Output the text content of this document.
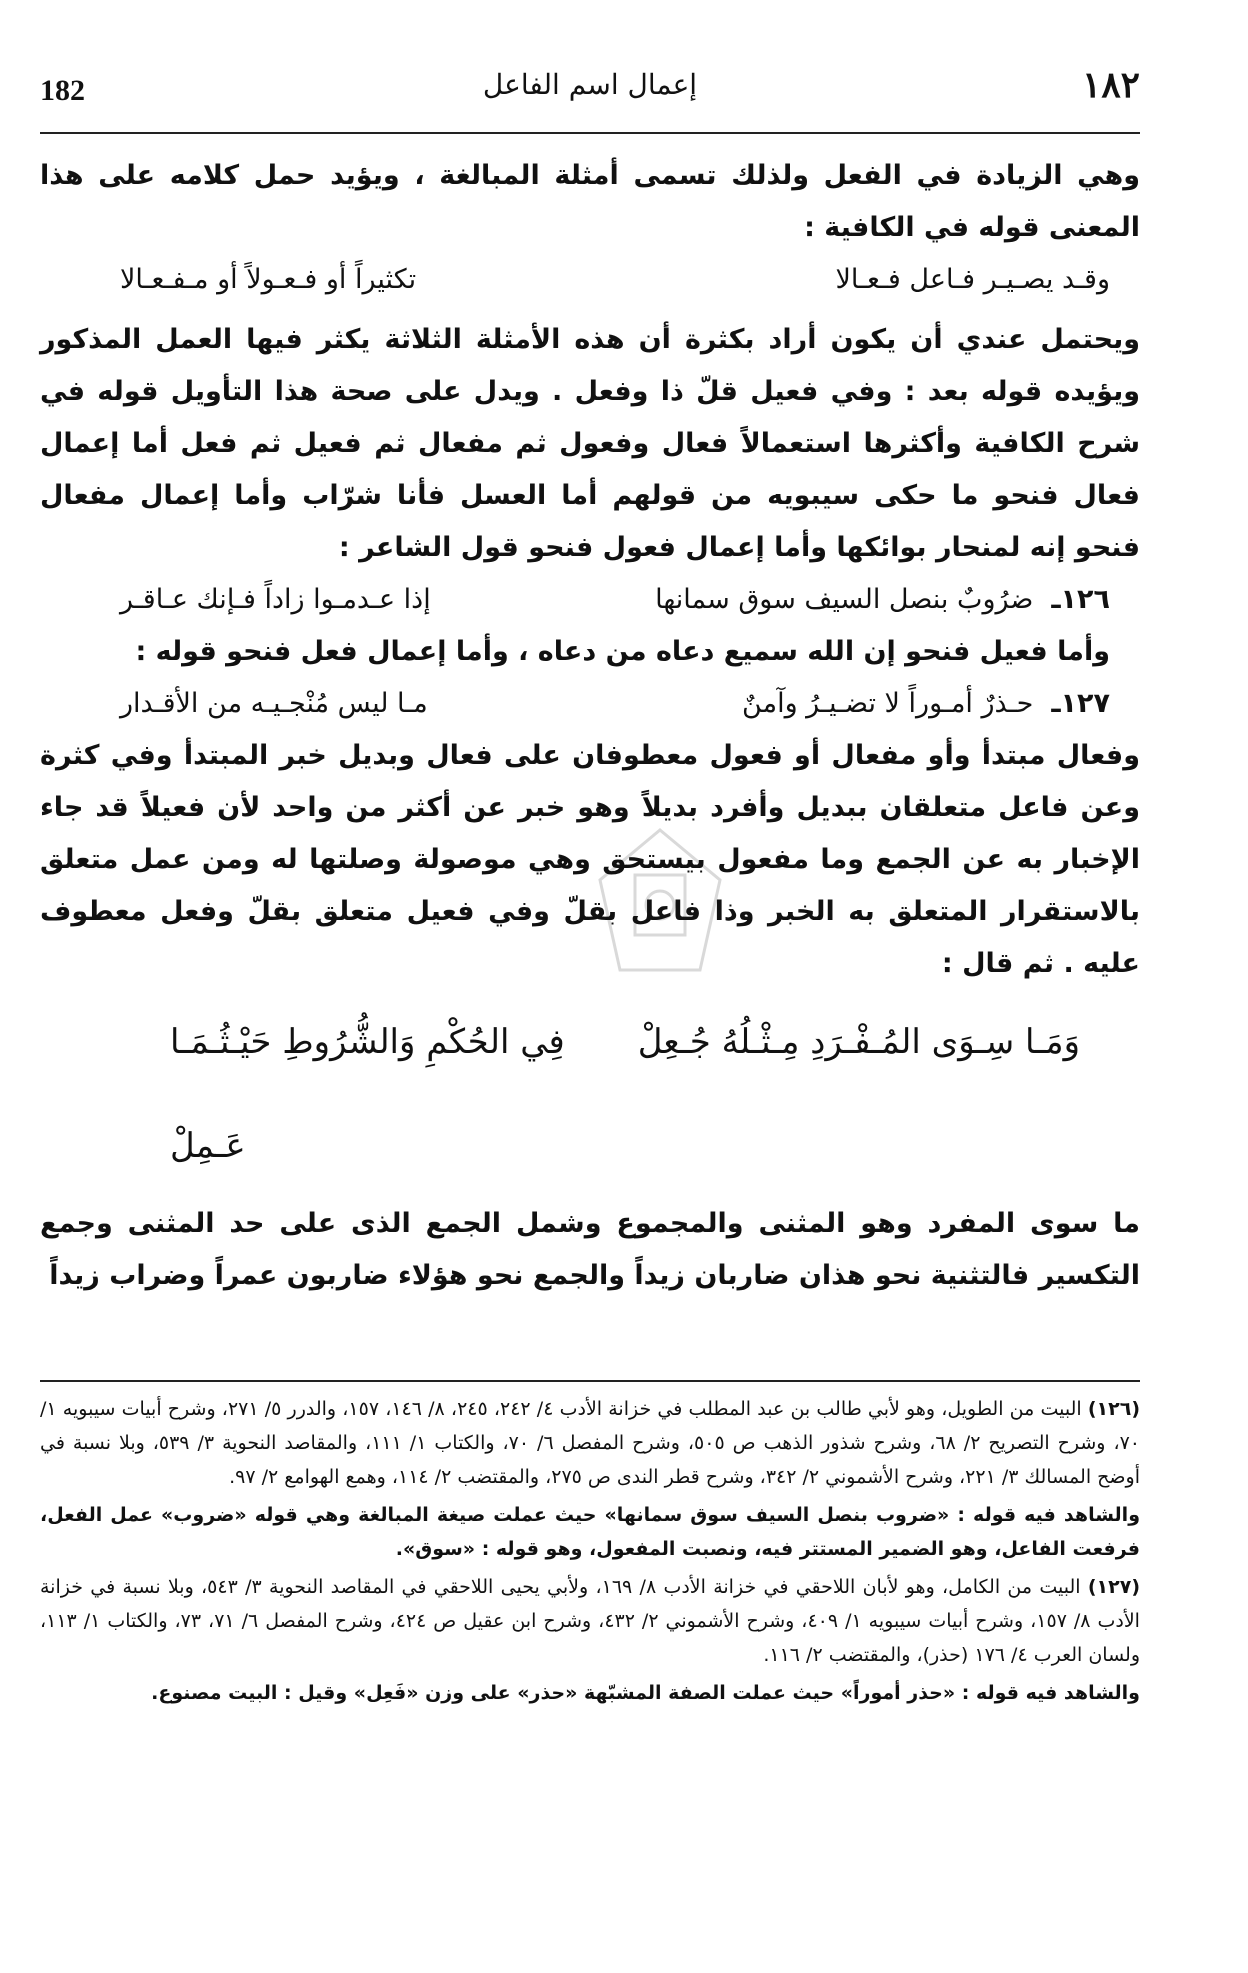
182	إعمال اسم الفاعل	١٨٢

وهي الزيادة في الفعل ولذلك تسمى أمثلة المبالغة ، ويؤيد حمل كلامه على هذا المعنى قوله في الكافية :

وقـد يصـيـر فـاعل فـعـالا
تكثيراً أو فـعـولاً أو مـفـعـالا

ويحتمل عندي أن يكون أراد بكثرة أن هذه الأمثلة الثلاثة يكثر فيها العمل المذكور ويؤيده قوله بعد : وفي فعيل قلّ ذا وفعل . ويدل على صحة هذا التأويل قوله في شرح الكافية وأكثرها استعمالاً فعال وفعول ثم مفعال ثم فعيل ثم فعل أما إعمال فعال فنحو ما حكى سيبويه من قولهم أما العسل فأنا شرّاب وأما إعمال مفعال فنحو إنه لمنحار بوائكها وأما إعمال فعول فنحو قول الشاعر :

١٢٦ـ
ضرُوبٌ بنصل السيف سوق سمانها
إذا عـدمـوا زاداً فـإنك عـاقـر

وأما فعيل فنحو إن الله سميع دعاه من دعاه ، وأما إعمال فعل فنحو قوله :

١٢٧ـ
حـذرٌ أمـوراً لا تضـيـرُ وآمنٌ
مـا ليس مُنْجـيـه من الأقـدار

وفعال مبتدأ وأو مفعال أو فعول معطوفان على فعال وبديل خبر المبتدأ وفي كثرة وعن فاعل متعلقان ببديل وأفرد بديلاً وهو خبر عن أكثر من واحد لأن فعيلاً قد جاء الإخبار به عن الجمع وما مفعول بيستحق وهي موصولة وصلتها له ومن عمل متعلق بالاستقرار المتعلق به الخبر وذا فاعل بقلّ وفي فعيل متعلق بقلّ وفعل معطوف عليه . ثم قال :

وَمَـا سِـوَى المُـفْـرَدِ مِـثْـلُهُ جُـعِلْ
فِي الحُكْمِ وَالشُّرُوطِ حَيْـثُـمَـا عَـمِلْ

ما سوى المفرد وهو المثنى والمجموع وشمل الجمع الذى على حد المثنى وجمع التكسير فالتثنية نحو هذان ضاربان زيداً والجمع نحو هؤلاء ضاربون عمراً وضراب زيداً

(١٢٦) البيت من الطويل، وهو لأبي طالب بن عبد المطلب في خزانة الأدب ٤/ ٢٤٢، ٢٤٥، ٨/ ١٤٦، ١٥٧، والدرر ٥/ ٢٧١، وشرح أبيات سيبويه ١/ ٧٠، وشرح التصريح ٢/ ٦٨، وشرح شذور الذهب ص ٥٠٥، وشرح المفصل ٦/ ٧٠، والكتاب ١/ ١١١، والمقاصد النحوية ٣/ ٥٣٩، وبلا نسبة في أوضح المسالك ٣/ ٢٢١، وشرح الأشموني ٢/ ٣٤٢، وشرح قطر الندى ص ٢٧٥، والمقتضب ٢/ ١١٤، وهمع الهوامع ٢/ ٩٧.

والشاهد فيه قوله : «ضروب بنصل السيف سوق سمانها» حيث عملت صيغة المبالغة وهي قوله «ضروب» عمل الفعل، فرفعت الفاعل، وهو الضمير المستتر فيه، ونصبت المفعول، وهو قوله : «سوق».

(١٢٧) البيت من الكامل، وهو لأبان اللاحقي في خزانة الأدب ٨/ ١٦٩، ولأبي يحيى اللاحقي في المقاصد النحوية ٣/ ٥٤٣، وبلا نسبة في خزانة الأدب ٨/ ١٥٧، وشرح أبيات سيبويه ١/ ٤٠٩، وشرح الأشموني ٢/ ٤٣٢، وشرح ابن عقيل ص ٤٢٤، وشرح المفصل ٦/ ٧١، ٧٣، والكتاب ١/ ١١٣، ولسان العرب ٤/ ١٧٦ (حذر)، والمقتضب ٢/ ١١٦.

والشاهد فيه قوله : «حذر أموراً» حيث عملت الصفة المشبّهة «حذر» على وزن «فَعِل» وقيل : البيت مصنوع.
